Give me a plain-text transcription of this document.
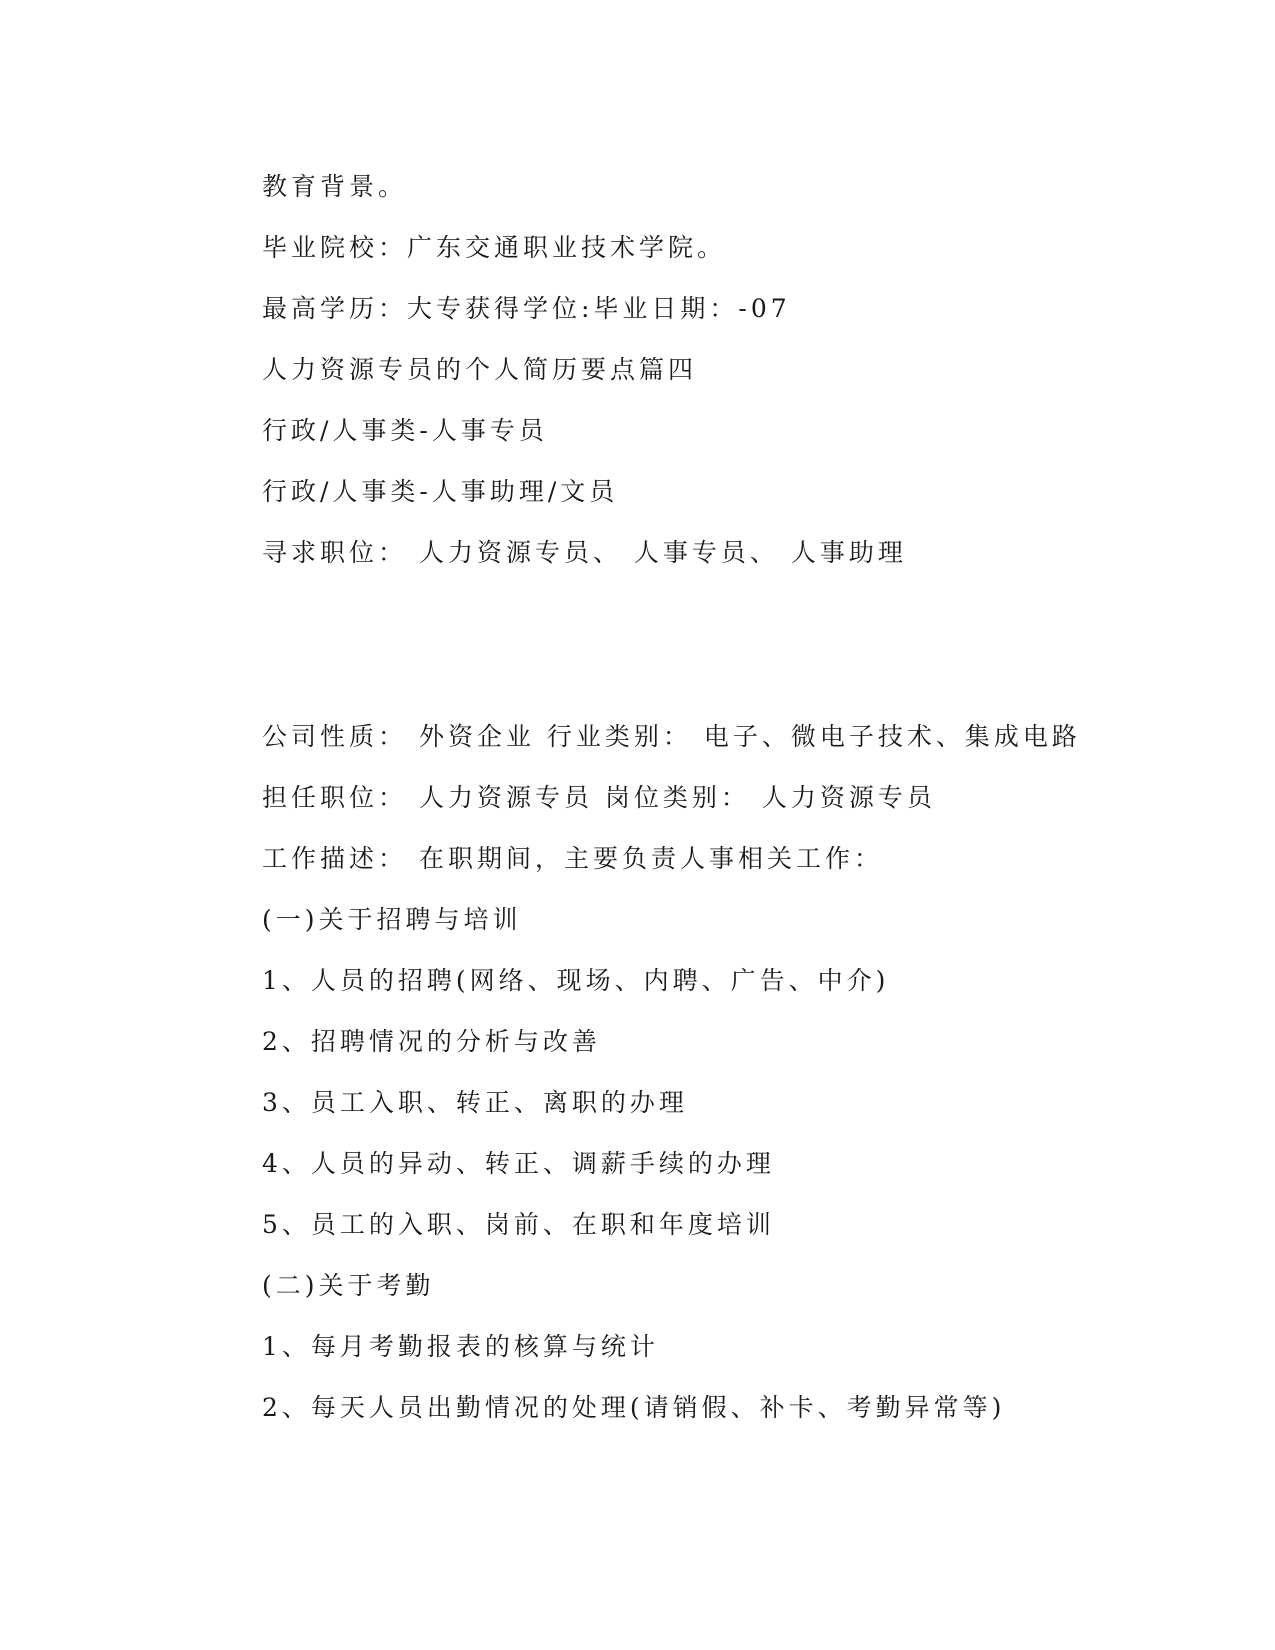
教育背景。
毕业院校：广东交通职业技术学院。
最高学历：大专获得学位:毕业日期：-07
人力资源专员的个人简历要点篇四
行政/人事类-人事专员
行政/人事类-人事助理/文员
寻求职位： 人力资源专员、 人事专员、 人事助理
公司性质： 外资企业 行业类别： 电子、微电子技术、集成电路
担任职位： 人力资源专员 岗位类别： 人力资源专员
工作描述： 在职期间，主要负责人事相关工作：
(一)关于招聘与培训
1、人员的招聘(网络、现场、内聘、广告、中介)
2、招聘情况的分析与改善
3、员工入职、转正、离职的办理
4、人员的异动、转正、调薪手续的办理
5、员工的入职、岗前、在职和年度培训
(二)关于考勤
1、每月考勤报表的核算与统计
2、每天人员出勤情况的处理(请销假、补卡、考勤异常等)
